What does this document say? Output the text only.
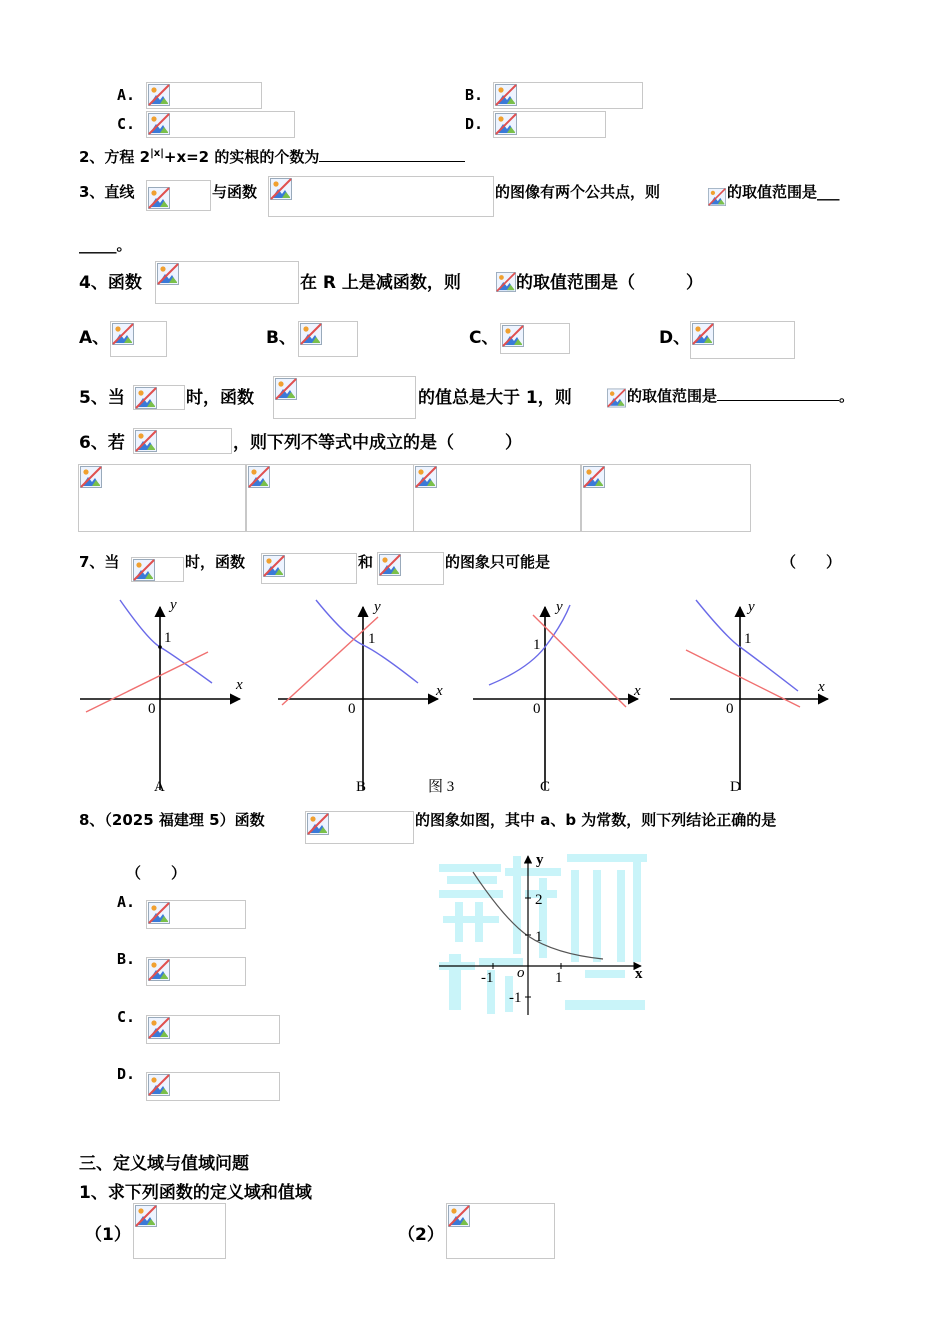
A.	B.
C.	D.
2、方程 $2^{|x|}+x=2$ 的实根的个数为
3、直线	与函数	的图像有两个公共点，则	的取值范围是___
_____。
4、函数	在 R 上是减函数，则	的取值范围是（　　　）
A、	B、	C、	D、
5、当	时，函数	的值总是大于 1，则	的取值范围是	。
6、若	，则下列不等式中成立的是（　　　）
7、当	时，函数	和	的图象只可能是	（　　）
1
0
x
y
A
1
0
x
y
B	图 3
1
0
x
y
C
1
0
x
y
D
8、（2025 福建理 5）函数	的图象如图，其中 a、b 为常数，则下列结论正确的是
（　　）
A.
B.
C.
D.
y
x
o
2
1
-1
1
-1
三、定义域与值域问题
1、求下列函数的定义域和值域
（1）	（2）
